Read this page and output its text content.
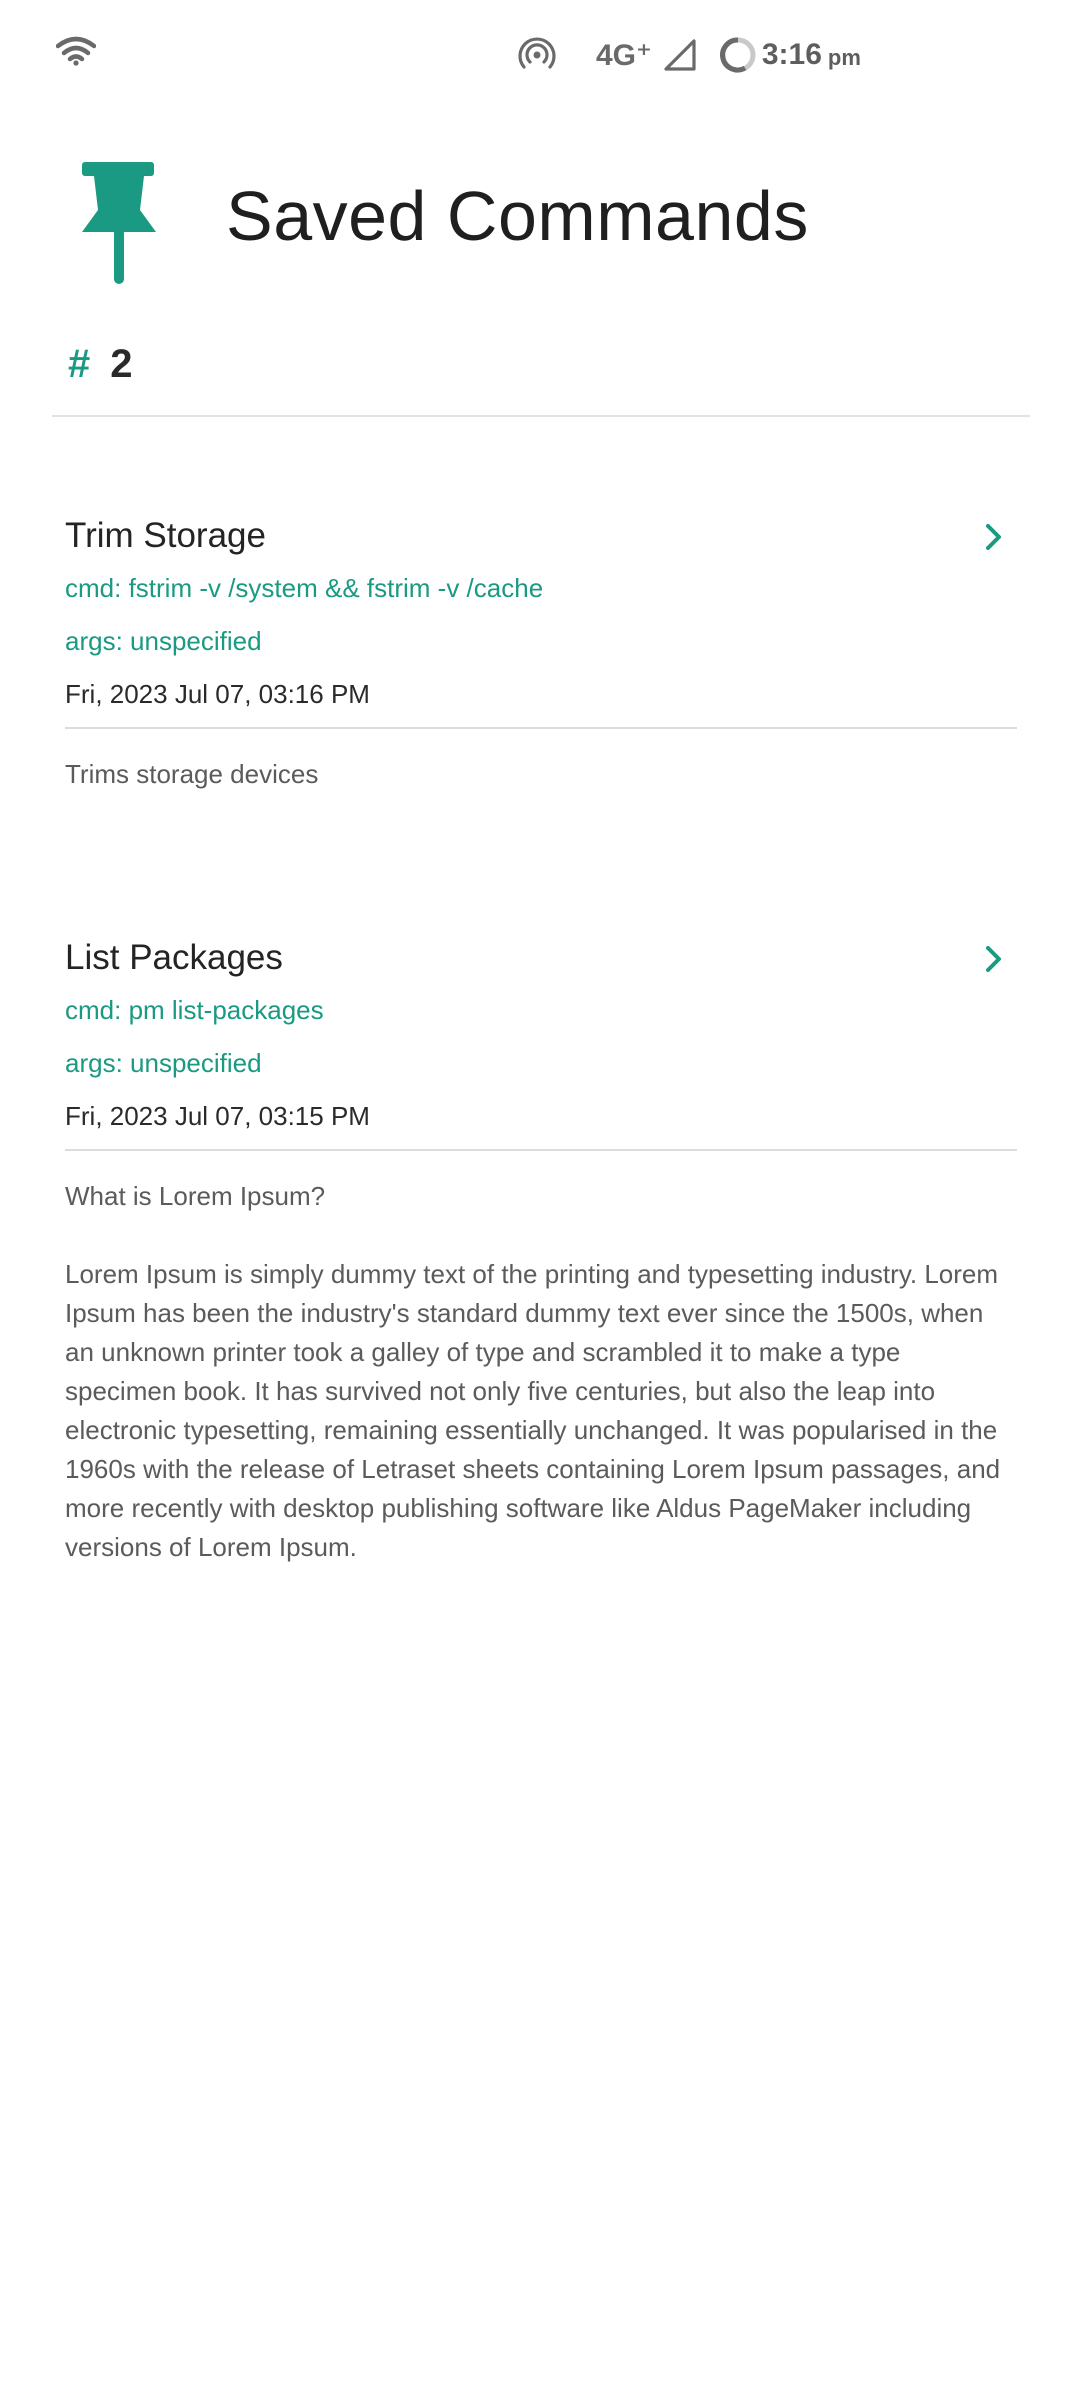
4G⁺	3:16 pm
Saved Commands
# 2
Trim Storage
cmd: fstrim -v /system && fstrim -v /cache
args: unspecified
Fri, 2023 Jul 07, 03:16 PM
Trims storage devices
List Packages
cmd: pm list-packages
args: unspecified
Fri, 2023 Jul 07, 03:15 PM
What is Lorem Ipsum?

Lorem Ipsum is simply dummy text of the printing and typesetting industry. Lorem Ipsum has been the industry's standard dummy text ever since the 1500s, when an unknown printer took a galley of type and scrambled it to make a type specimen book. It has survived not only five centuries, but also the leap into electronic typesetting, remaining essentially unchanged. It was popularised in the 1960s with the release of Letraset sheets containing Lorem Ipsum passages, and more recently with desktop publishing software like Aldus PageMaker including versions of Lorem Ipsum.
